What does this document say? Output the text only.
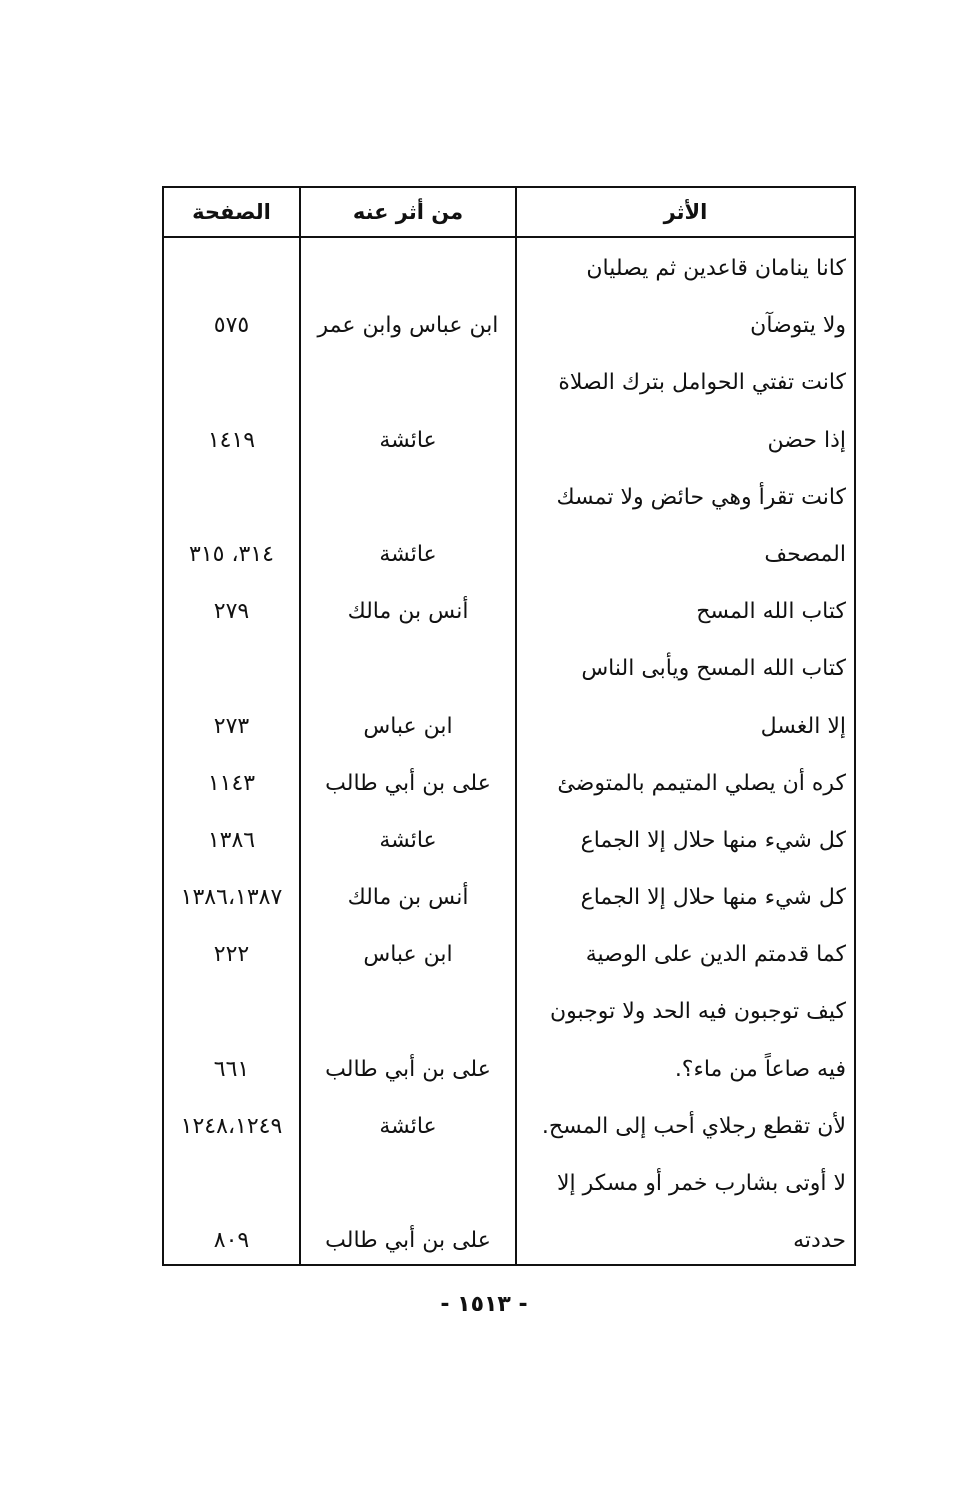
الأثر
من أثر عنه
الصفحة
كانا ينامان قاعدين ثم يصليان
ولا يتوضآن
ابن عباس وابن عمر
٥٧٥
كانت تفتي الحوامل بترك الصلاة
إذا حضن
عائشة
١٤١٩
كانت تقرأ وهي حائض ولا تمسك
المصحف
عائشة
٣١٤، ٣١٥
كتاب الله المسح
أنس بن مالك
٢٧٩
كتاب الله المسح ويأبى الناس
إلا الغسل
ابن عباس
٢٧٣
كره أن يصلي المتيمم بالمتوضئ
على بن أبي طالب
١١٤٣
كل شيء منها حلال إلا الجماع
عائشة
١٣٨٦
كل شيء منها حلال إلا الجماع
أنس بن مالك
١٣٨٦،١٣٨٧
كما قدمتم الدين على الوصية
ابن عباس
٢٢٢
كيف توجبون فيه الحد ولا توجبون
فيه صاعاً من ماء؟.
على بن أبي طالب
٦٦١
لأن تقطع رجلاي أحب إلى المسح.
عائشة
١٢٤٨،١٢٤٩
لا أوتى بشارب خمر أو مسكر إلا
حددته
على بن أبي طالب
٨٠٩
- ١٥١٣ -
